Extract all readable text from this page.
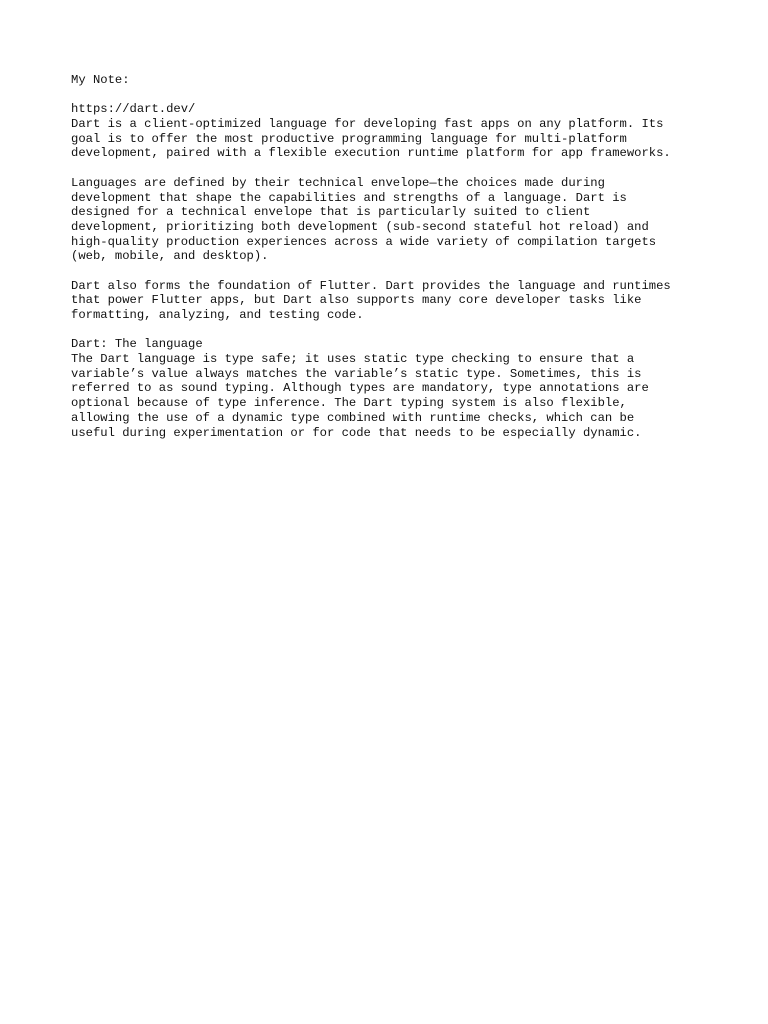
My Note:
https://dart.dev/
Dart is a client-optimized language for developing fast apps on any platform. Its
goal is to offer the most productive programming language for multi-platform
development, paired with a flexible execution runtime platform for app frameworks.
Languages are defined by their technical envelope—the choices made during
development that shape the capabilities and strengths of a language. Dart is
designed for a technical envelope that is particularly suited to client
development, prioritizing both development (sub-second stateful hot reload) and
high-quality production experiences across a wide variety of compilation targets
(web, mobile, and desktop).
Dart also forms the foundation of Flutter. Dart provides the language and runtimes
that power Flutter apps, but Dart also supports many core developer tasks like
formatting, analyzing, and testing code.
Dart: The language
The Dart language is type safe; it uses static type checking to ensure that a
variable’s value always matches the variable’s static type. Sometimes, this is
referred to as sound typing. Although types are mandatory, type annotations are
optional because of type inference. The Dart typing system is also flexible,
allowing the use of a dynamic type combined with runtime checks, which can be
useful during experimentation or for code that needs to be especially dynamic.
